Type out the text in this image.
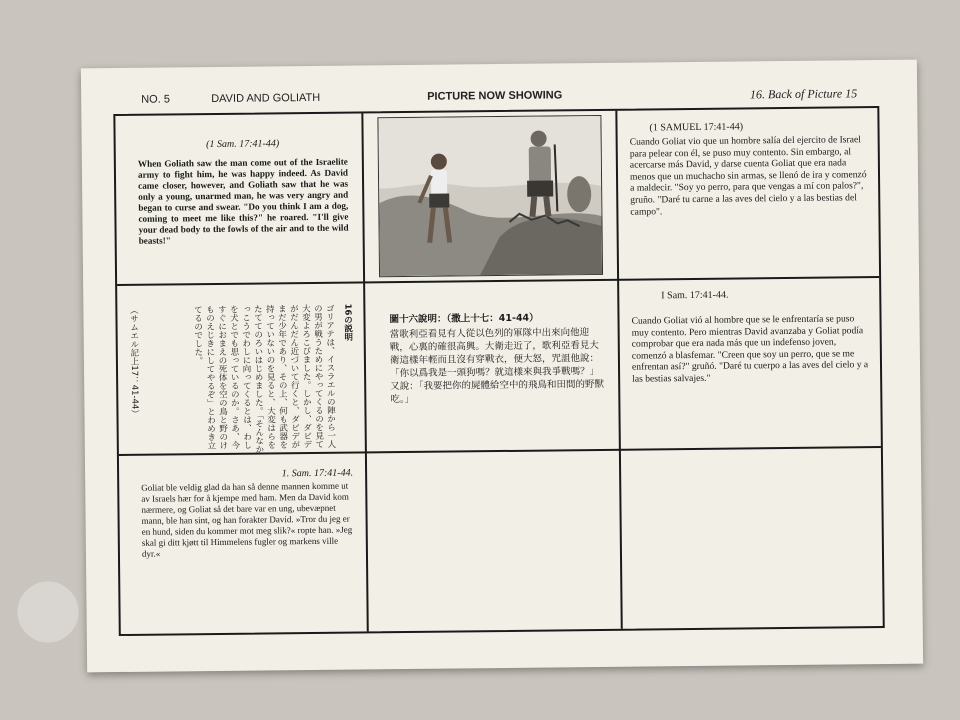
NO. 5	DAVID AND GOLIATH	PICTURE NOW SHOWING	16. Back of Picture 15
(1 Sam. 17:41-44)
When Goliath saw the man come out of the Israelite army to fight him, he was happy indeed. As David came closer, however, and Goliath saw that he was only a young, unarmed man, he was very angry and began to curse and swear. "Do you think I am a dog, coming to meet me like this?" he roared. "I'll give your dead body to the fowls of the air and to the wild beasts!"
(1 SAMUEL 17:41-44)
Cuando Goliat vio que un hombre salía del ejercito de Israel para pelear con él, se puso muy contento. Sin embargo, al acercarse más David, y darse cuenta Goliat que era nada menos que un muchacho sin armas, se llenó de ira y comenzó a maldecir. "Soy yo perro, para que vengas a mí con palos?", gruño. "Daré tu carne a las aves del cielo y a las bestias del campo".
16の説明
ゴリアテは、イスラエルの陣から一人の男が戦うためにやってくるのを見て大変よろこびました。しかし、ダビデがだんだん近づいて行くと、ダビデがまだ少年であり、その上、何も武器を持っていないのを見ると、大変はらをたててのろいはじめました。「そんなかっこうでわしに向ってくるとは、わしを犬とでも思っているのか。さあ、今すぐにおまえの死体を空の鳥と野のけものえじきにしてやるぞ」とわめき立てるのでした。
（サムエル記上17：41-44）	圖十六說明：（撒上十七：41-44）
當歌利亞看見有人從以色列的軍隊中出來向他迎戰，心裏的確很高興。大衛走近了，歌利亞看見大衛這樣年輕而且沒有穿戰衣，便大怒，咒詛他說：「你以爲我是一頭狗嗎？就這樣來與我爭戰嗎？」又說：「我要把你的屍體給空中的飛鳥和田間的野獸吃。」
I Sam. 17:41-44.
Cuando Goliat vió al hombre que se le enfrentaría se puso muy contento. Pero mientras David avanzaba y Goliat podía comprobar que era nada más que un indefenso joven, comenzó a blasfemar. "Creen que soy un perro, que se me enfrentan así?" gruñó. "Daré tu cuerpo a las aves del cielo y a las bestias salvajes."
1. Sam. 17:41-44.
Goliat ble veldig glad da han så denne mannen komme ut av Israels hær for å kjempe med ham. Men da David kom nærmere, og Goliat så det bare var en ung, ubevæpnet mann, ble han sint, og han forakter David. »Tror du jeg er en hund, siden du kommer mot meg slik?« ropte han. »Jeg skal gi ditt kjøtt til Himmelens fugler og markens ville dyr.«
